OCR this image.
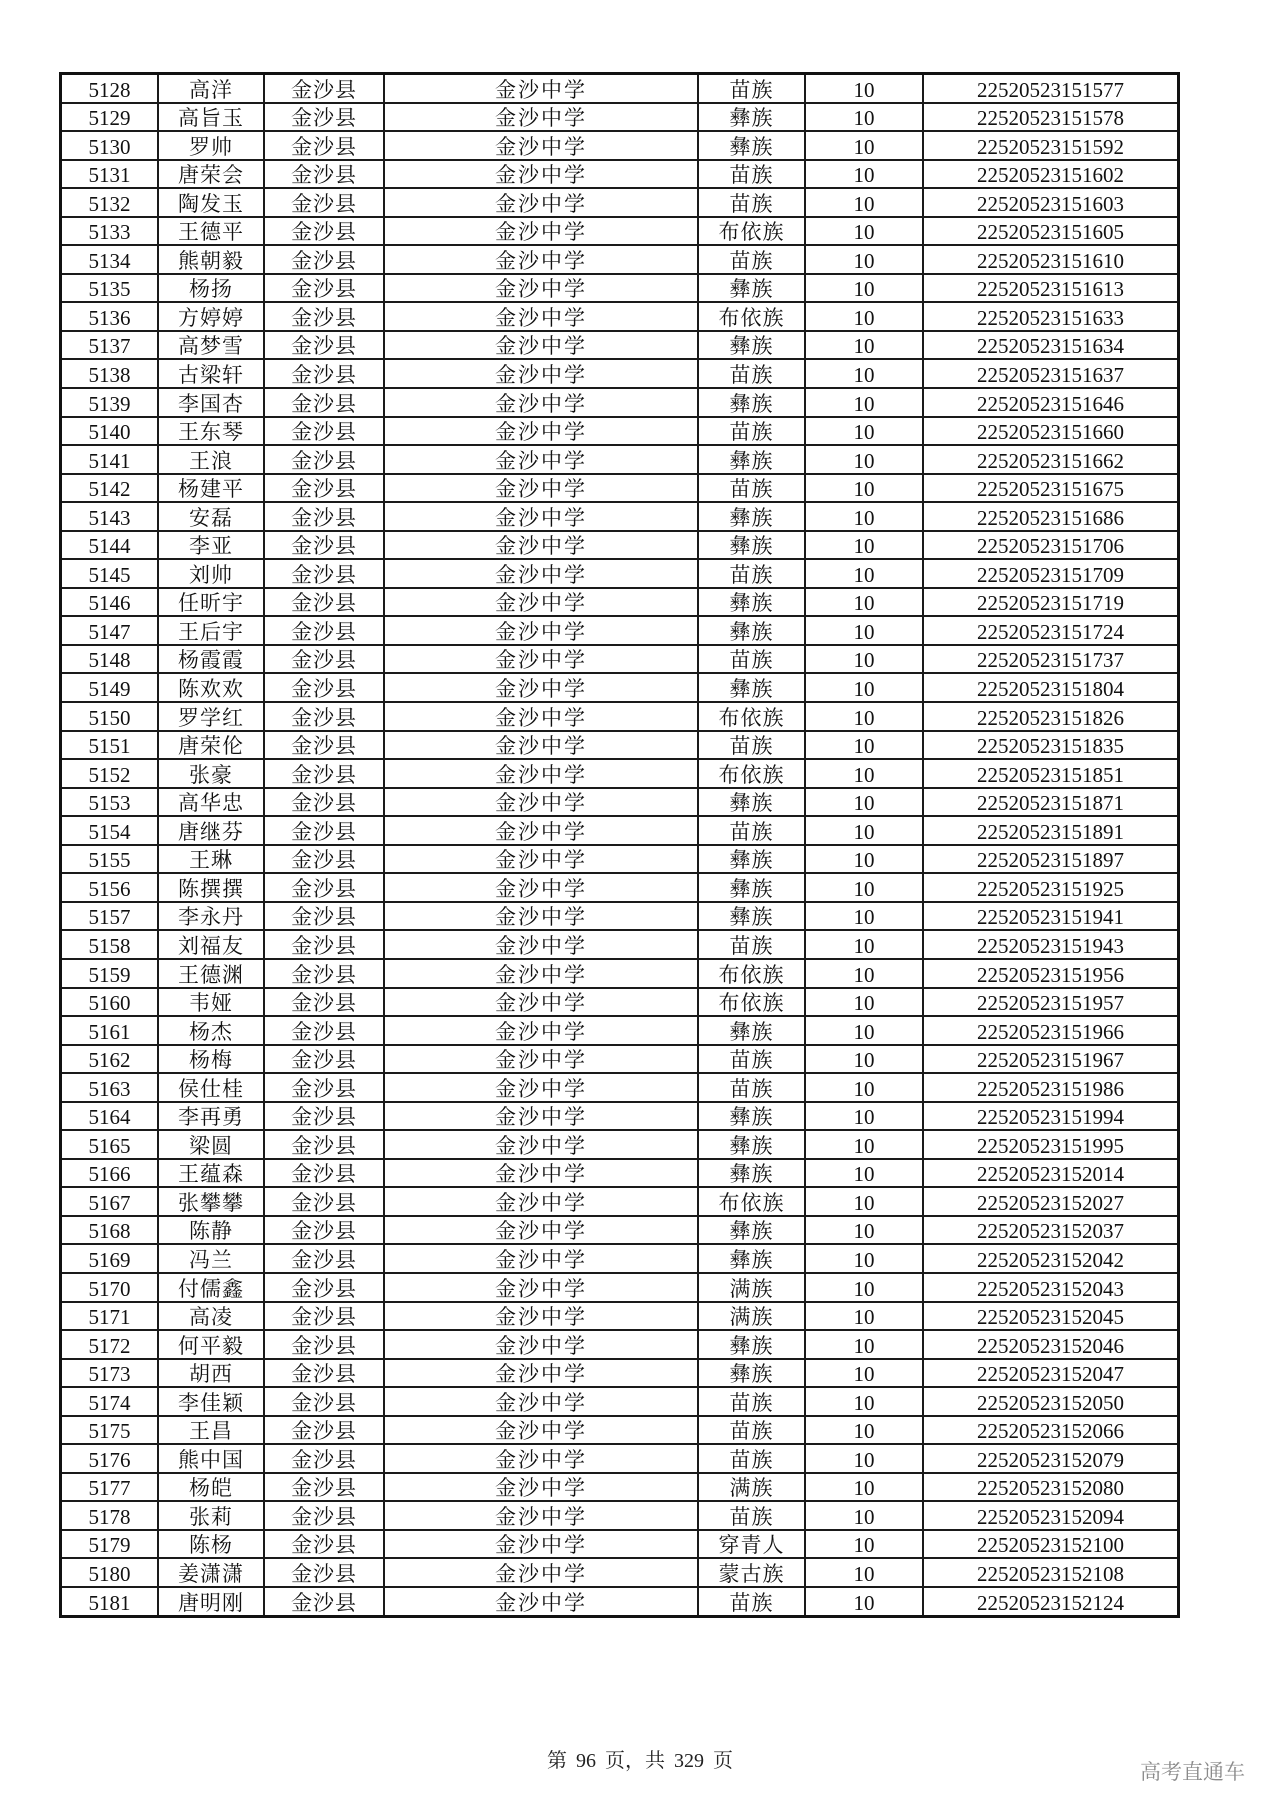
5128	高洋	金沙县	金沙中学	苗族	10	22520523151577
5129	高旨玉	金沙县	金沙中学	彝族	10	22520523151578
5130	罗帅	金沙县	金沙中学	彝族	10	22520523151592
5131	唐荣会	金沙县	金沙中学	苗族	10	22520523151602
5132	陶发玉	金沙县	金沙中学	苗族	10	22520523151603
5133	王德平	金沙县	金沙中学	布依族	10	22520523151605
5134	熊朝毅	金沙县	金沙中学	苗族	10	22520523151610
5135	杨扬	金沙县	金沙中学	彝族	10	22520523151613
5136	方婷婷	金沙县	金沙中学	布依族	10	22520523151633
5137	高梦雪	金沙县	金沙中学	彝族	10	22520523151634
5138	古梁轩	金沙县	金沙中学	苗族	10	22520523151637
5139	李国杏	金沙县	金沙中学	彝族	10	22520523151646
5140	王东琴	金沙县	金沙中学	苗族	10	22520523151660
5141	王浪	金沙县	金沙中学	彝族	10	22520523151662
5142	杨建平	金沙县	金沙中学	苗族	10	22520523151675
5143	安磊	金沙县	金沙中学	彝族	10	22520523151686
5144	李亚	金沙县	金沙中学	彝族	10	22520523151706
5145	刘帅	金沙县	金沙中学	苗族	10	22520523151709
5146	任昕宇	金沙县	金沙中学	彝族	10	22520523151719
5147	王后宇	金沙县	金沙中学	彝族	10	22520523151724
5148	杨霞霞	金沙县	金沙中学	苗族	10	22520523151737
5149	陈欢欢	金沙县	金沙中学	彝族	10	22520523151804
5150	罗学红	金沙县	金沙中学	布依族	10	22520523151826
5151	唐荣伦	金沙县	金沙中学	苗族	10	22520523151835
5152	张豪	金沙县	金沙中学	布依族	10	22520523151851
5153	高华忠	金沙县	金沙中学	彝族	10	22520523151871
5154	唐继芬	金沙县	金沙中学	苗族	10	22520523151891
5155	王琳	金沙县	金沙中学	彝族	10	22520523151897
5156	陈撰撰	金沙县	金沙中学	彝族	10	22520523151925
5157	李永丹	金沙县	金沙中学	彝族	10	22520523151941
5158	刘福友	金沙县	金沙中学	苗族	10	22520523151943
5159	王德渊	金沙县	金沙中学	布依族	10	22520523151956
5160	韦娅	金沙县	金沙中学	布依族	10	22520523151957
5161	杨杰	金沙县	金沙中学	彝族	10	22520523151966
5162	杨梅	金沙县	金沙中学	苗族	10	22520523151967
5163	侯仕桂	金沙县	金沙中学	苗族	10	22520523151986
5164	李再勇	金沙县	金沙中学	彝族	10	22520523151994
5165	梁圆	金沙县	金沙中学	彝族	10	22520523151995
5166	王蕴森	金沙县	金沙中学	彝族	10	22520523152014
5167	张攀攀	金沙县	金沙中学	布依族	10	22520523152027
5168	陈静	金沙县	金沙中学	彝族	10	22520523152037
5169	冯兰	金沙县	金沙中学	彝族	10	22520523152042
5170	付儒鑫	金沙县	金沙中学	满族	10	22520523152043
5171	高凌	金沙县	金沙中学	满族	10	22520523152045
5172	何平毅	金沙县	金沙中学	彝族	10	22520523152046
5173	胡西	金沙县	金沙中学	彝族	10	22520523152047
5174	李佳颖	金沙县	金沙中学	苗族	10	22520523152050
5175	王昌	金沙县	金沙中学	苗族	10	22520523152066
5176	熊中国	金沙县	金沙中学	苗族	10	22520523152079
5177	杨皑	金沙县	金沙中学	满族	10	22520523152080
5178	张莉	金沙县	金沙中学	苗族	10	22520523152094
5179	陈杨	金沙县	金沙中学	穿青人	10	22520523152100
5180	姜潇潇	金沙县	金沙中学	蒙古族	10	22520523152108
5181	唐明刚	金沙县	金沙中学	苗族	10	22520523152124
第 96 页，共 329 页	高考直通车
